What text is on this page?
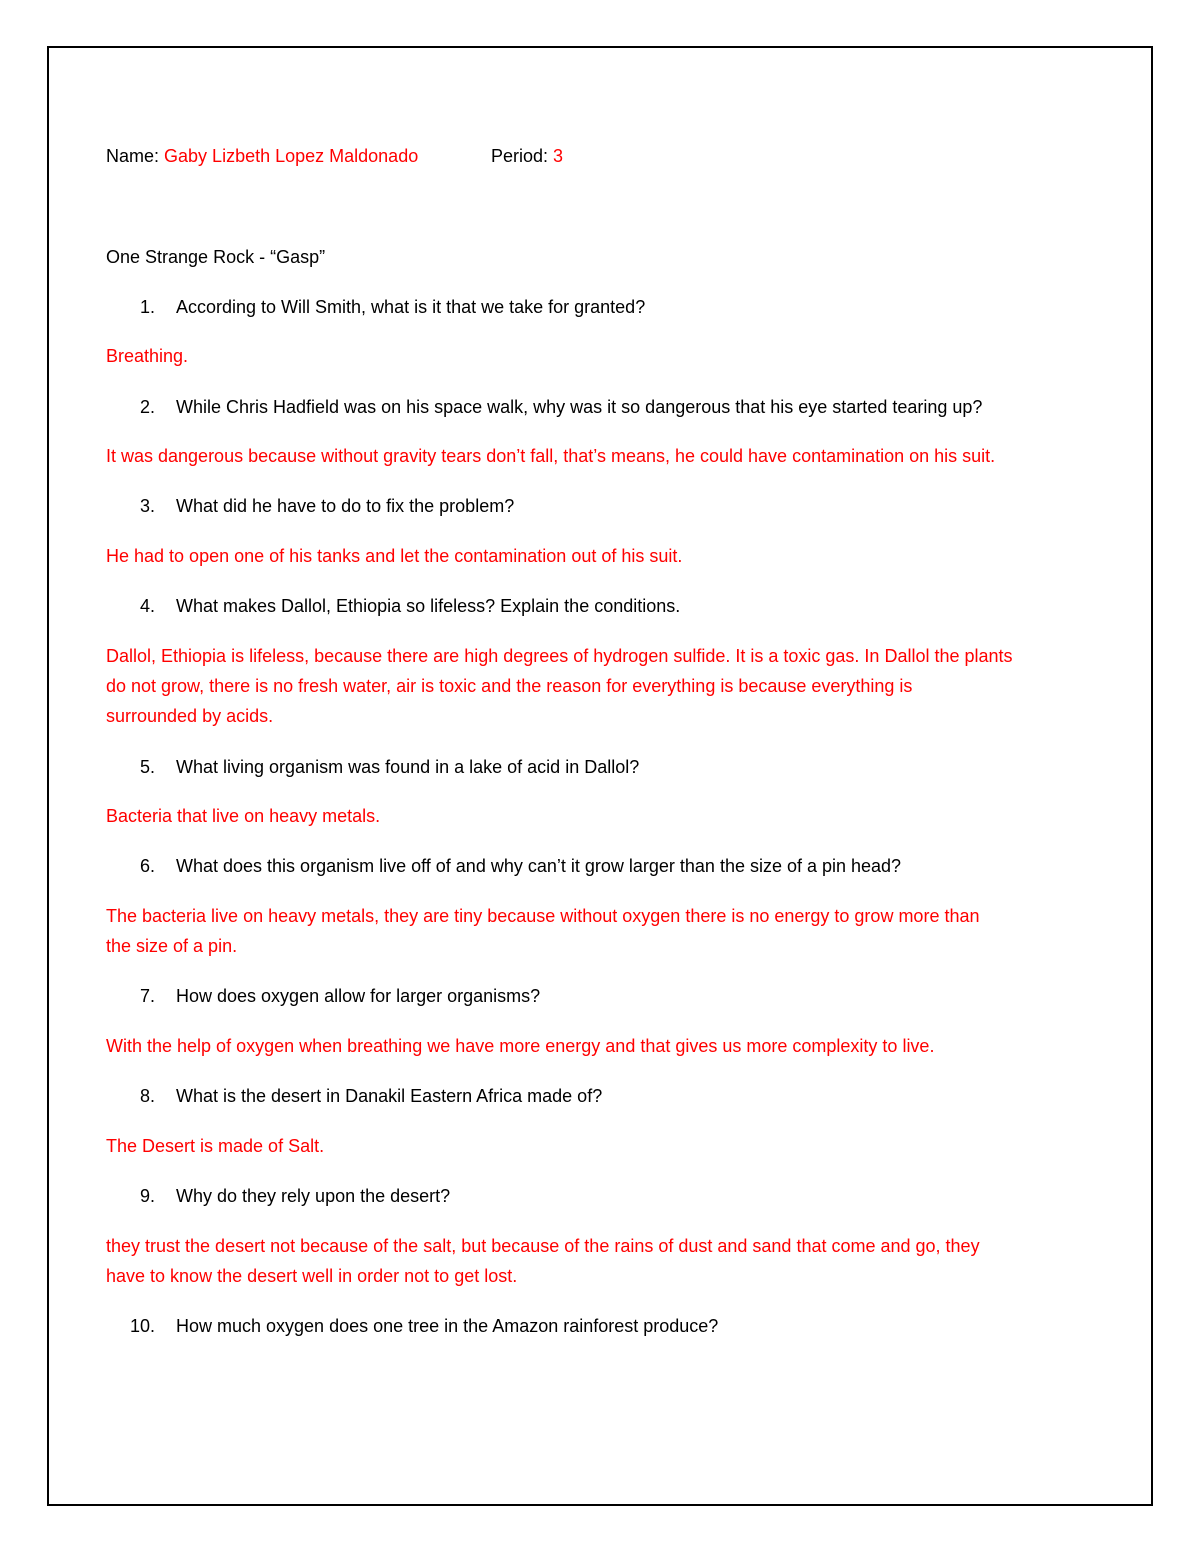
Name: Gaby Lizbeth Lopez Maldonado	Period: 3
One Strange Rock - “Gasp”
1. According to Will Smith, what is it that we take for granted?
Breathing.
2. While Chris Hadfield was on his space walk, why was it so dangerous that his eye started tearing up?
It was dangerous because without gravity tears don’t fall, that’s means, he could have contamination on his suit.
3. What did he have to do to fix the problem?
He had to open one of his tanks and let the contamination out of his suit.
4. What makes Dallol, Ethiopia so lifeless? Explain the conditions.
Dallol, Ethiopia is lifeless, because there are high degrees of hydrogen sulfide. It is a toxic gas. In Dallol the plants
do not grow, there is no fresh water, air is toxic and the reason for everything is because everything is
surrounded by acids.
5. What living organism was found in a lake of acid in Dallol?
Bacteria that live on heavy metals.
6. What does this organism live off of and why can’t it grow larger than the size of a pin head?
The bacteria live on heavy metals, they are tiny because without oxygen there is no energy to grow more than
the size of a pin.
7. How does oxygen allow for larger organisms?
With the help of oxygen when breathing we have more energy and that gives us more complexity to live.
8. What is the desert in Danakil Eastern Africa made of?
The Desert is made of Salt.
9. Why do they rely upon the desert?
they trust the desert not because of the salt, but because of the rains of dust and sand that come and go, they
have to know the desert well in order not to get lost.
10. How much oxygen does one tree in the Amazon rainforest produce?
